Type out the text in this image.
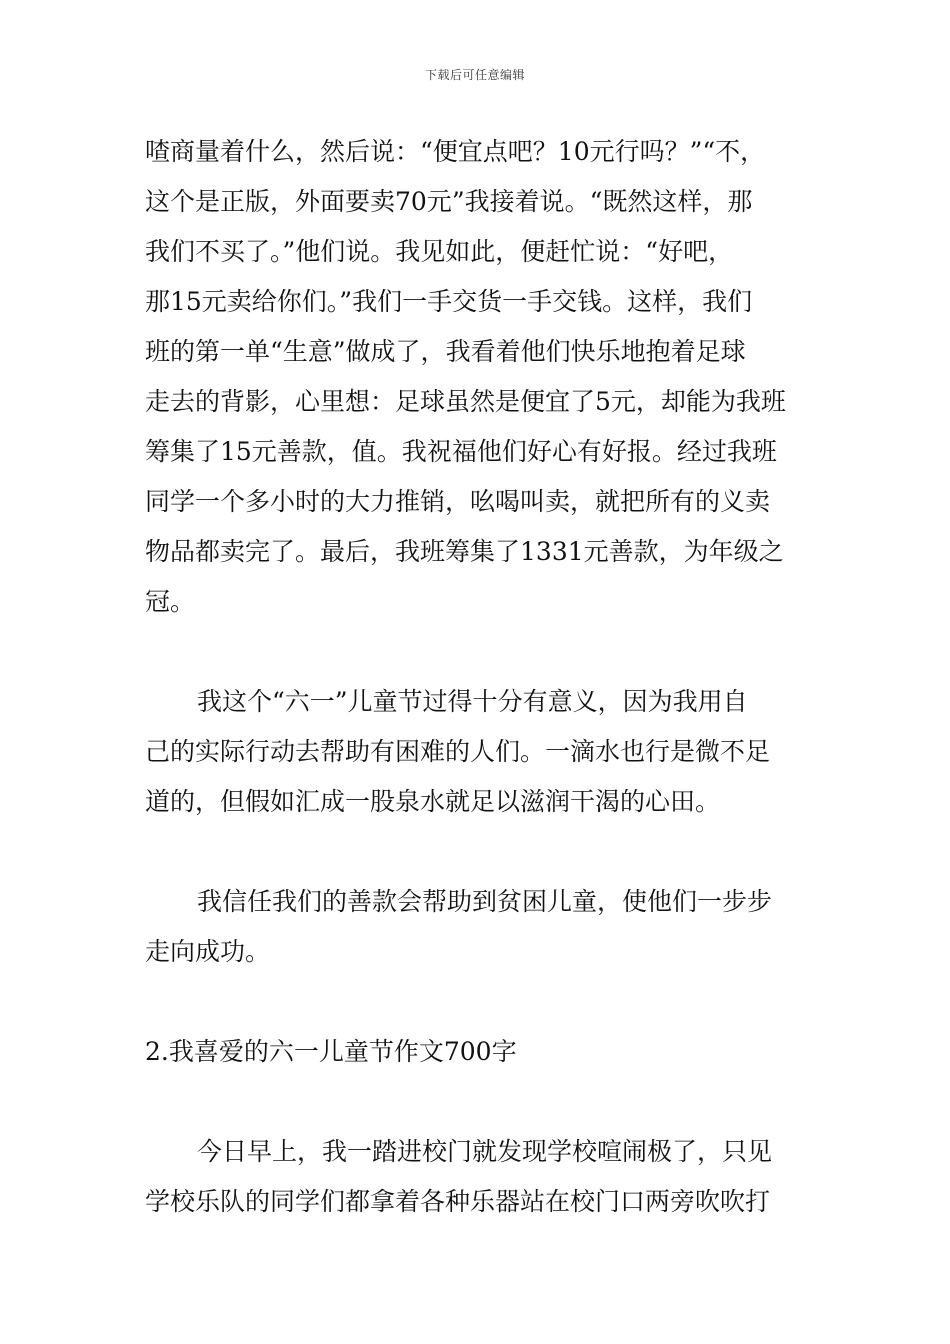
下载后可任意编辑
喳商量着什么，然后说：“便宜点吧？10元行吗？”“不，
这个是正版，外面要卖70元”我接着说。“既然这样，那
我们不买了。”他们说。我见如此，便赶忙说：“好吧，
那15元卖给你们。”我们一手交货一手交钱。这样，我们
班的第一单“生意”做成了，我看着他们快乐地抱着足球
走去的背影，心里想：足球虽然是便宜了5元，却能为我班
筹集了15元善款，值。我祝福他们好心有好报。经过我班
同学一个多小时的大力推销，吆喝叫卖，就把所有的义卖
物品都卖完了。最后，我班筹集了1331元善款，为年级之
冠。
我这个“六一”儿童节过得十分有意义，因为我用自
己的实际行动去帮助有困难的人们。一滴水也行是微不足
道的，但假如汇成一股泉水就足以滋润干渴的心田。
我信任我们的善款会帮助到贫困儿童，使他们一步步
走向成功。
2.我喜爱的六一儿童节作文700字
今日早上，我一踏进校门就发现学校喧闹极了，只见
学校乐队的同学们都拿着各种乐器站在校门口两旁吹吹打
